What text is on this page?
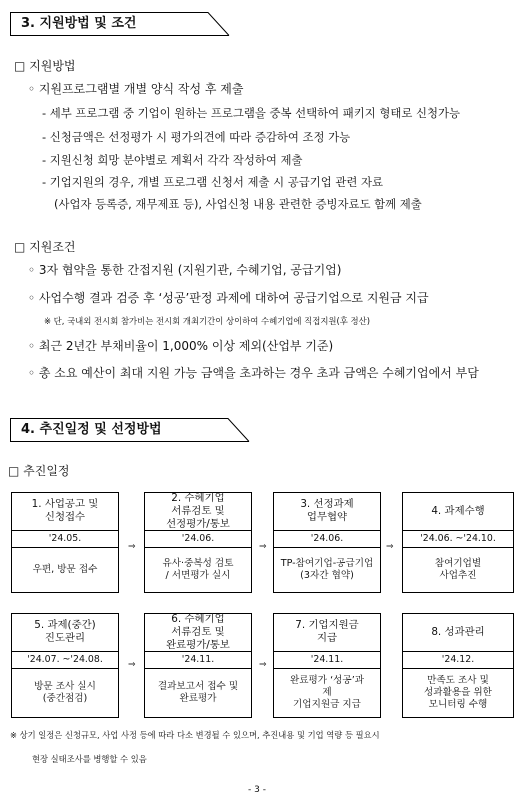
3. 지원방법 및 조건
□ 지원방법
◦ 지원프로그램별 개별 양식 작성 후 제출
- 세부 프로그램 중 기업이 원하는 프로그램을 중복 선택하여 패키지 형태로 신청가능
- 신청금액은 선정평가 시 평가의견에 따라 증감하여 조정 가능
- 지원신청 희망 분야별로 계획서 각각 작성하여 제출
- 기업지원의 경우, 개별 프로그램 신청서 제출 시 공급기업 관련 자료
(사업자 등록증, 재무제표 등), 사업신청 내용 관련한 증빙자료도 함께 제출
□ 지원조건
◦ 3자 협약을 통한 간접지원 (지원기관, 수혜기업, 공급기업)
◦ 사업수행 결과 검증 후 ‘성공’판정 과제에 대하여 공급기업으로 지원금 지급
※ 단, 국내외 전시회 참가비는 전시회 개최기간이 상이하여 수혜기업에 직접지원(후 정산)
◦ 최근 2년간 부채비율이 1,000% 이상 제외(산업부 기준)
◦ 총 소요 예산이 최대 지원 가능 금액을 초과하는 경우 초과 금액은 수혜기업에서 부담
4. 추진일정 및 선정방법
□ 추진일정
1. 사업공고 및
신청접수
'24.05.
우편, 방문 접수
⇒
2. 수혜기업
서류검토 및
선정평가/통보
'24.06.
유사·중복성 검토
/ 서면평가 실시
⇒
3. 선정과제
업무협약
'24.06.
TP-참여기업-공급기업
(3자간 협약)
⇒
4. 과제수행
'24.06. ~'24.10.
참여기업별
사업추진
5. 과제(중간)
진도관리
'24.07. ~'24.08.
방문 조사 실시
(중간점검)
⇒
6. 수혜기업
서류검토 및
완료평가/통보
'24.11.
결과보고서 접수 및
완료평가
⇒
7. 기업지원금
지급
'24.11.
완료평가 ‘성공’과
제
기업지원금 지급
8. 성과관리
'24.12.
만족도 조사 및
성과활용을 위한
모니터링 수행
※ 상기 일정은 신청규모, 사업 사정 등에 따라 다소 변경될 수 있으며, 추진내용 및 기업 역량 등 필요시
현장 실태조사를 병행할 수 있음
- 3 -
